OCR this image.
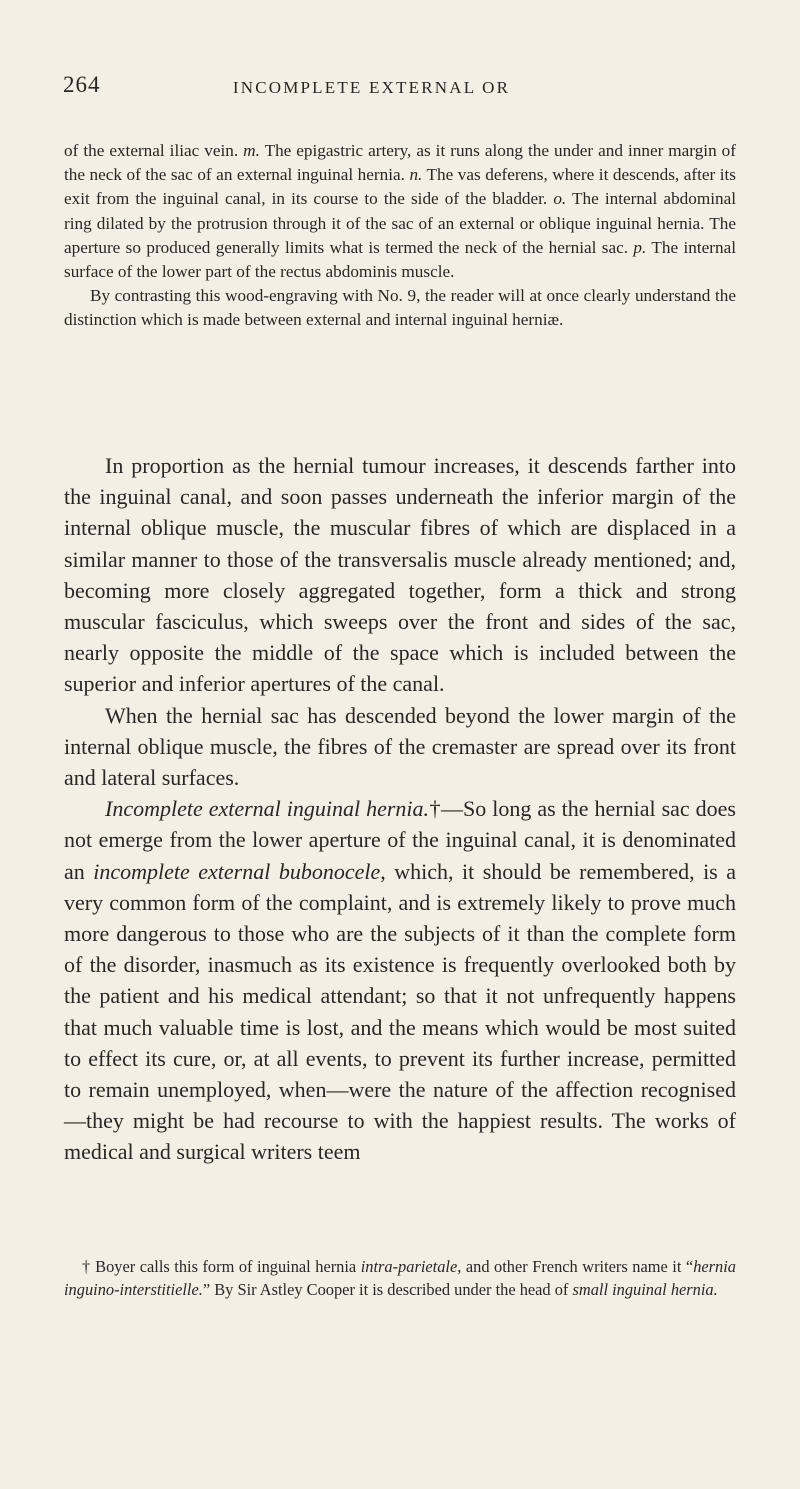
264	INCOMPLETE EXTERNAL OR

of the external iliac vein. m. The epigastric artery, as it runs along the under and inner margin of the neck of the sac of an external inguinal hernia. n. The vas deferens, where it descends, after its exit from the inguinal canal, in its course to the side of the bladder. o. The internal abdominal ring dilated by the protrusion through it of the sac of an external or oblique inguinal hernia. The aperture so produced generally limits what is termed the neck of the hernial sac. p. The internal surface of the lower part of the rectus abdominis muscle.

By contrasting this wood-engraving with No. 9, the reader will at once clearly understand the distinction which is made between external and internal inguinal herniæ.

In proportion as the hernial tumour increases, it descends farther into the inguinal canal, and soon passes underneath the inferior margin of the internal oblique muscle, the muscular fibres of which are displaced in a similar manner to those of the transversalis muscle already mentioned; and, becoming more closely aggregated together, form a thick and strong muscular fasciculus, which sweeps over the front and sides of the sac, nearly opposite the middle of the space which is included between the superior and inferior apertures of the canal.

When the hernial sac has descended beyond the lower margin of the internal oblique muscle, the fibres of the cremaster are spread over its front and lateral surfaces.

Incomplete external inguinal hernia.†—So long as the hernial sac does not emerge from the lower aperture of the inguinal canal, it is denominated an incomplete external bubonocele, which, it should be remembered, is a very common form of the complaint, and is extremely likely to prove much more dangerous to those who are the subjects of it than the complete form of the disorder, inasmuch as its existence is frequently overlooked both by the patient and his medical attendant; so that it not unfrequently happens that much valuable time is lost, and the means which would be most suited to effect its cure, or, at all events, to prevent its further increase, permitted to remain unemployed, when—were the nature of the affection recognised—they might be had recourse to with the happiest results. The works of medical and surgical writers teem

† Boyer calls this form of inguinal hernia intra-parietale, and other French writers name it “hernia inguino-interstitielle.” By Sir Astley Cooper it is described under the head of small inguinal hernia.
